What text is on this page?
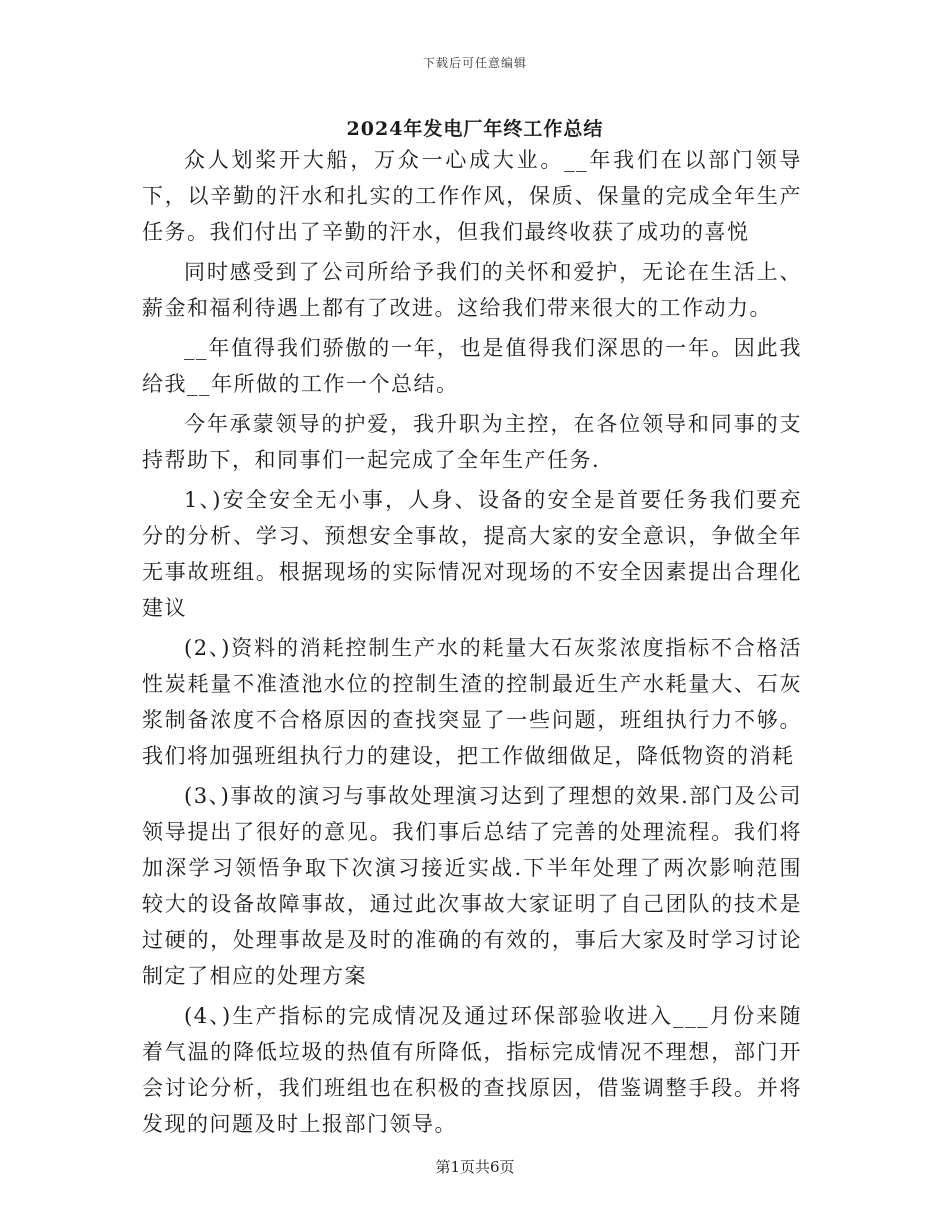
下载后可任意编辑
2024年发电厂年终工作总结

众人划桨开大船，万众一心成大业。__年我们在以部门领导下，以辛勤的汗水和扎实的工作作风，保质、保量的完成全年生产任务。我们付出了辛勤的汗水，但我们最终收获了成功的喜悦

同时感受到了公司所给予我们的关怀和爱护，无论在生活上、薪金和福利待遇上都有了改进。这给我们带来很大的工作动力。

__年值得我们骄傲的一年，也是值得我们深思的一年。因此我给我__年所做的工作一个总结。

今年承蒙领导的护爱，我升职为主控，在各位领导和同事的支持帮助下，和同事们一起完成了全年生产任务.

1、)安全安全无小事，人身、设备的安全是首要任务我们要充分的分析、学习、预想安全事故，提高大家的安全意识，争做全年无事故班组。根据现场的实际情况对现场的不安全因素提出合理化建议

(2、)资料的消耗控制生产水的耗量大石灰浆浓度指标不合格活性炭耗量不准渣池水位的控制生渣的控制最近生产水耗量大、石灰浆制备浓度不合格原因的查找突显了一些问题，班组执行力不够。我们将加强班组执行力的建设，把工作做细做足，降低物资的消耗

(3、)事故的演习与事故处理演习达到了理想的效果.部门及公司领导提出了很好的意见。我们事后总结了完善的处理流程。我们将加深学习领悟争取下次演习接近实战.下半年处理了两次影响范围较大的设备故障事故，通过此次事故大家证明了自己团队的技术是过硬的，处理事故是及时的准确的有效的，事后大家及时学习讨论制定了相应的处理方案

(4、)生产指标的完成情况及通过环保部验收进入___月份来随着气温的降低垃圾的热值有所降低，指标完成情况不理想，部门开会讨论分析，我们班组也在积极的查找原因，借鉴调整手段。并将发现的问题及时上报部门领导。

第1页共6页
